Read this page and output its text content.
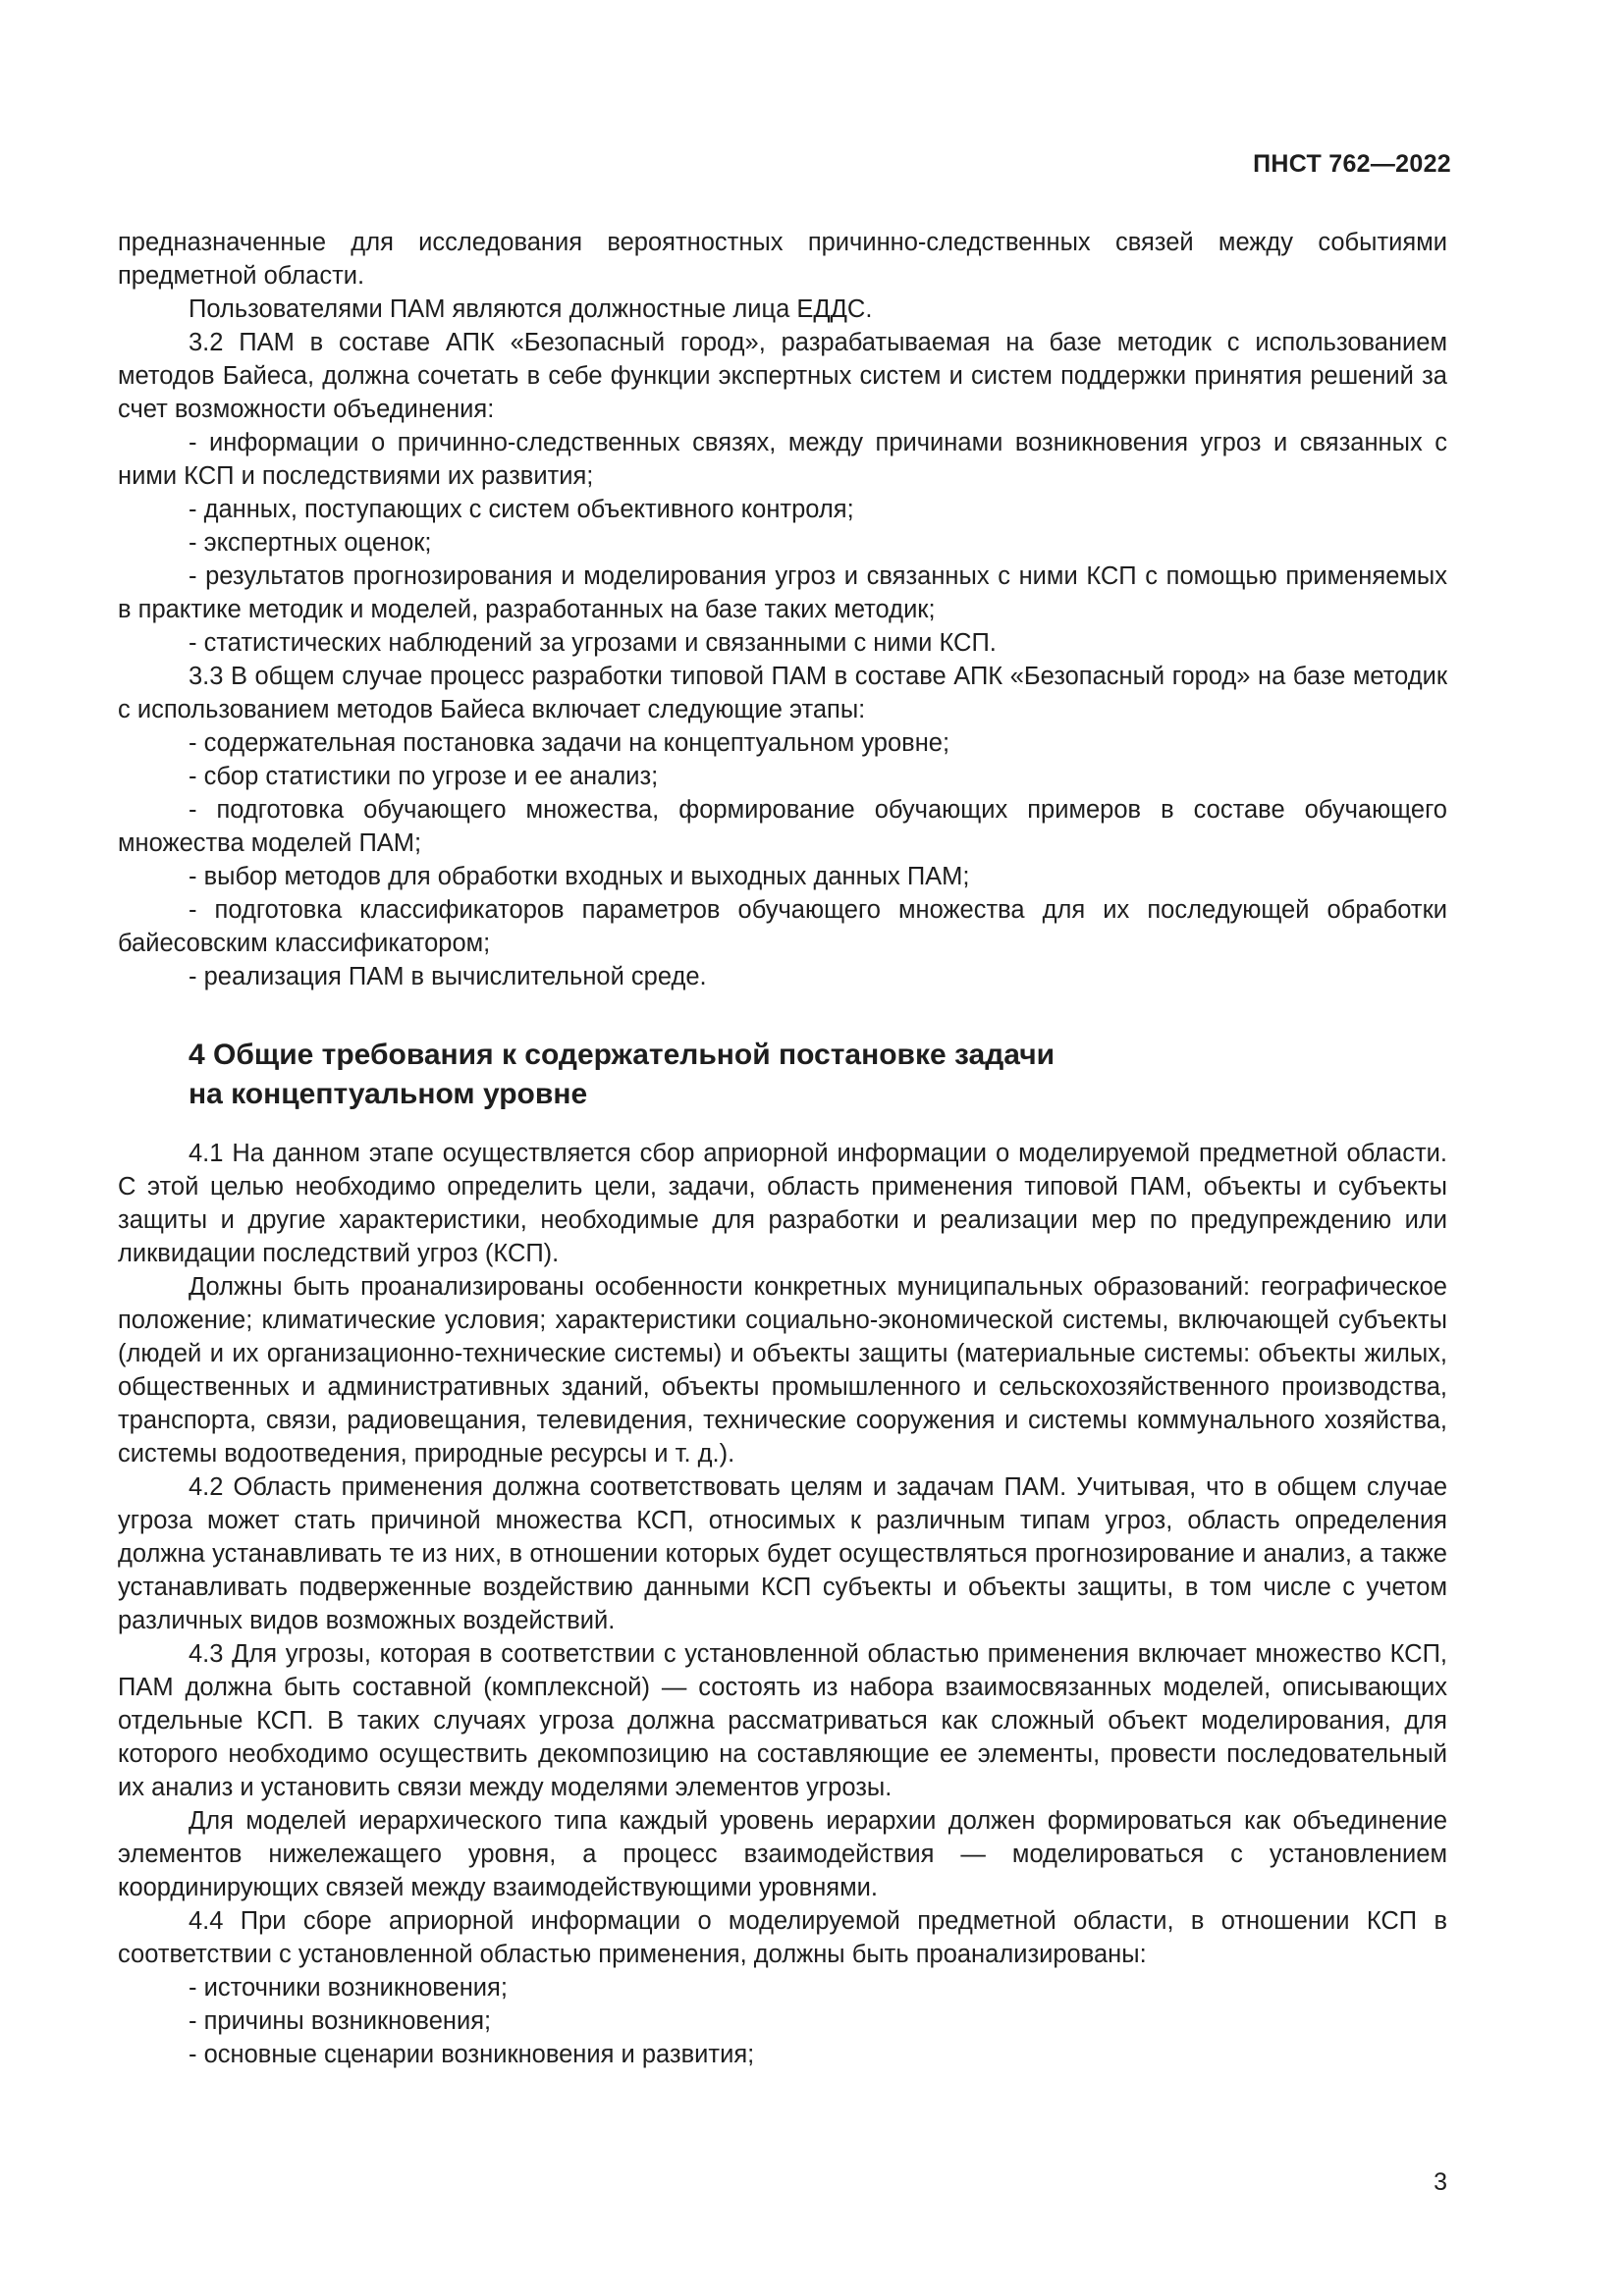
ПНСТ 762—2022

предназначенные для исследования вероятностных причинно-следственных связей между событиями предметной области.

Пользователями ПАМ являются должностные лица ЕДДС.

3.2 ПАМ в составе АПК «Безопасный город», разрабатываемая на базе методик с использованием методов Байеса, должна сочетать в себе функции экспертных систем и систем поддержки принятия решений за счет возможности объединения:

- информации о причинно-следственных связях, между причинами возникновения угроз и связанных с ними КСП и последствиями их развития;

- данных, поступающих с систем объективного контроля;

- экспертных оценок;

- результатов прогнозирования и моделирования угроз и связанных с ними КСП с помощью применяемых в практике методик и моделей, разработанных на базе таких методик;

- статистических наблюдений за угрозами и связанными с ними КСП.

3.3 В общем случае процесс разработки типовой ПАМ в составе АПК «Безопасный город» на базе методик с использованием методов Байеса включает следующие этапы:

- содержательная постановка задачи на концептуальном уровне;

- сбор статистики по угрозе и ее анализ;

- подготовка обучающего множества, формирование обучающих примеров в составе обучающего множества моделей ПАМ;

- выбор методов для обработки входных и выходных данных ПАМ;

- подготовка классификаторов параметров обучающего множества для их последующей обработки байесовским классификатором;

- реализация ПАМ в вычислительной среде.

4 Общие требования к содержательной постановке задачи
на концептуальном уровне

4.1 На данном этапе осуществляется сбор априорной информации о моделируемой предметной области. С этой целью необходимо определить цели, задачи, область применения типовой ПАМ, объекты и субъекты защиты и другие характеристики, необходимые для разработки и реализации мер по предупреждению или ликвидации последствий угроз (КСП).

Должны быть проанализированы особенности конкретных муниципальных образований: географическое положение; климатические условия; характеристики социально-экономической системы, включающей субъекты (людей и их организационно-технические системы) и объекты защиты (материальные системы: объекты жилых, общественных и административных зданий, объекты промышленного и сельскохозяйственного производства, транспорта, связи, радиовещания, телевидения, технические сооружения и системы коммунального хозяйства, системы водоотведения, природные ресурсы и т. д.).

4.2 Область применения должна соответствовать целям и задачам ПАМ. Учитывая, что в общем случае угроза может стать причиной множества КСП, относимых к различным типам угроз, область определения должна устанавливать те из них, в отношении которых будет осуществляться прогнозирование и анализ, а также устанавливать подверженные воздействию данными КСП субъекты и объекты защиты, в том числе с учетом различных видов возможных воздействий.

4.3 Для угрозы, которая в соответствии с установленной областью применения включает множество КСП, ПАМ должна быть составной (комплексной) — состоять из набора взаимосвязанных моделей, описывающих отдельные КСП. В таких случаях угроза должна рассматриваться как сложный объект моделирования, для которого необходимо осуществить декомпозицию на составляющие ее элементы, провести последовательный их анализ и установить связи между моделями элементов угрозы.

Для моделей иерархического типа каждый уровень иерархии должен формироваться как объединение элементов нижележащего уровня, а процесс взаимодействия — моделироваться с установлением координирующих связей между взаимодействующими уровнями.

4.4 При сборе априорной информации о моделируемой предметной области, в отношении КСП в соответствии с установленной областью применения, должны быть проанализированы:

- источники возникновения;

- причины возникновения;

- основные сценарии возникновения и развития;

3
